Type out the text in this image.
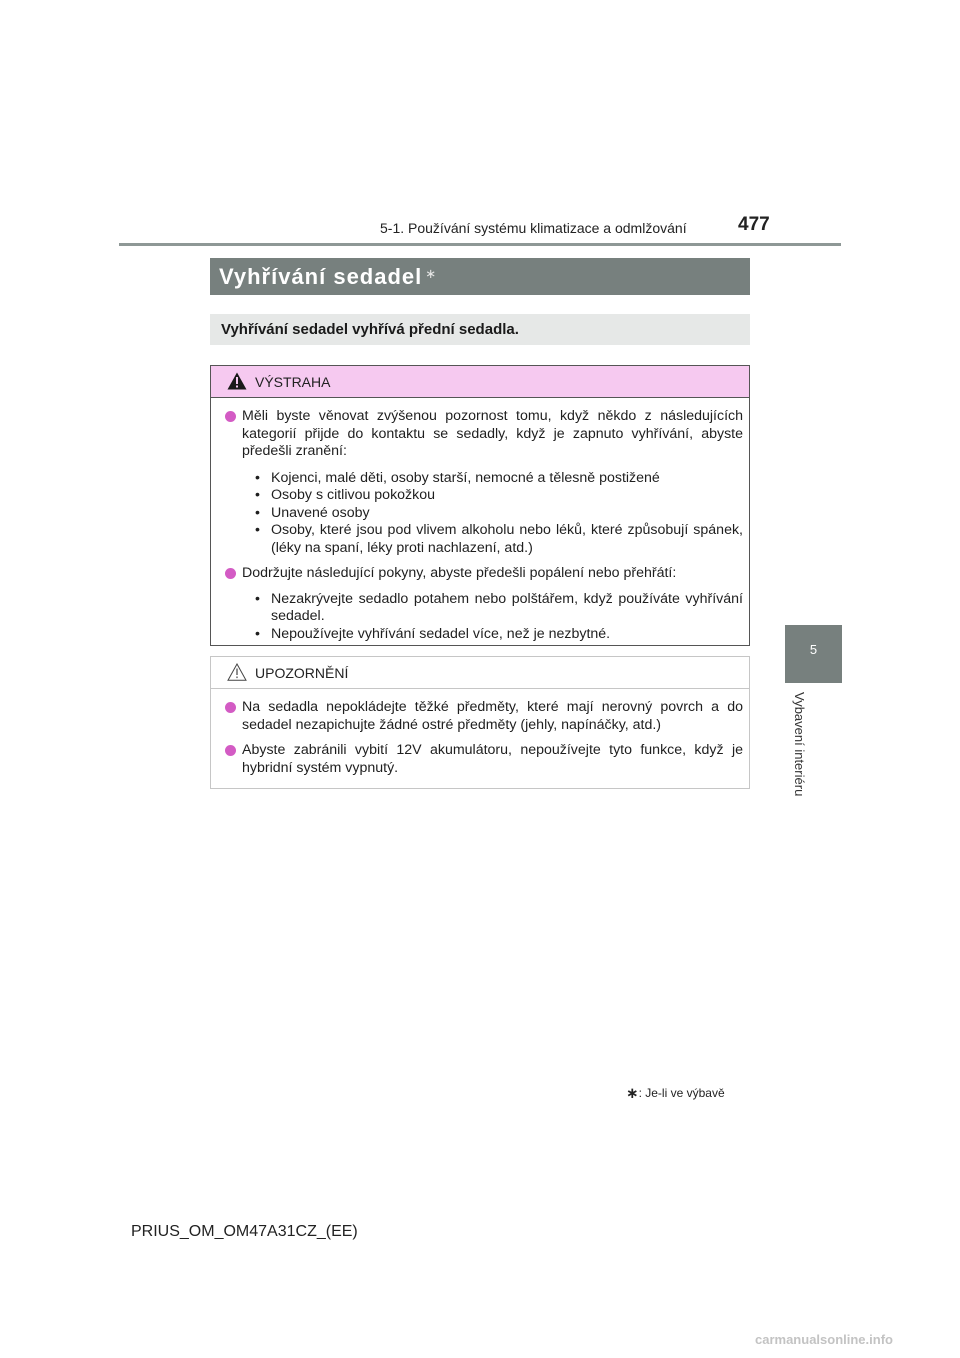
5-1. Používání systému klimatizace a odmlžování	477
5
Vybavení interiéru
Vyhřívání sedadel ∗
Vyhřívání sedadel vyhřívá přední sedadla.
VÝSTRAHA
Měli byste věnovat zvýšenou pozornost tomu, když někdo z následujících kategorií přijde do kontaktu se sedadly, když je zapnuto vyhřívání, abyste předešli zranění:
• Kojenci, malé děti, osoby starší, nemocné a tělesně postižené
• Osoby s citlivou pokožkou
• Unavené osoby
• Osoby, které jsou pod vlivem alkoholu nebo léků, které způsobují spánek, (léky na spaní, léky proti nachlazení, atd.)
Dodržujte následující pokyny, abyste předešli popálení nebo přehřátí:
• Nezakrývejte sedadlo potahem nebo polštářem, když používáte vyhřívání sedadel.
• Nepoužívejte vyhřívání sedadel více, než je nezbytné.
UPOZORNĚNÍ
Na sedadla nepokládejte těžké předměty, které mají nerovný povrch a do sedadel nezapichujte žádné ostré předměty (jehly, napínáčky, atd.)
Abyste zabránili vybití 12V akumulátoru, nepoužívejte tyto funkce, když je hybridní systém vypnutý.
∗: Je-li ve výbavě
PRIUS_OM_OM47A31CZ_(EE)
carmanualsonline.info
